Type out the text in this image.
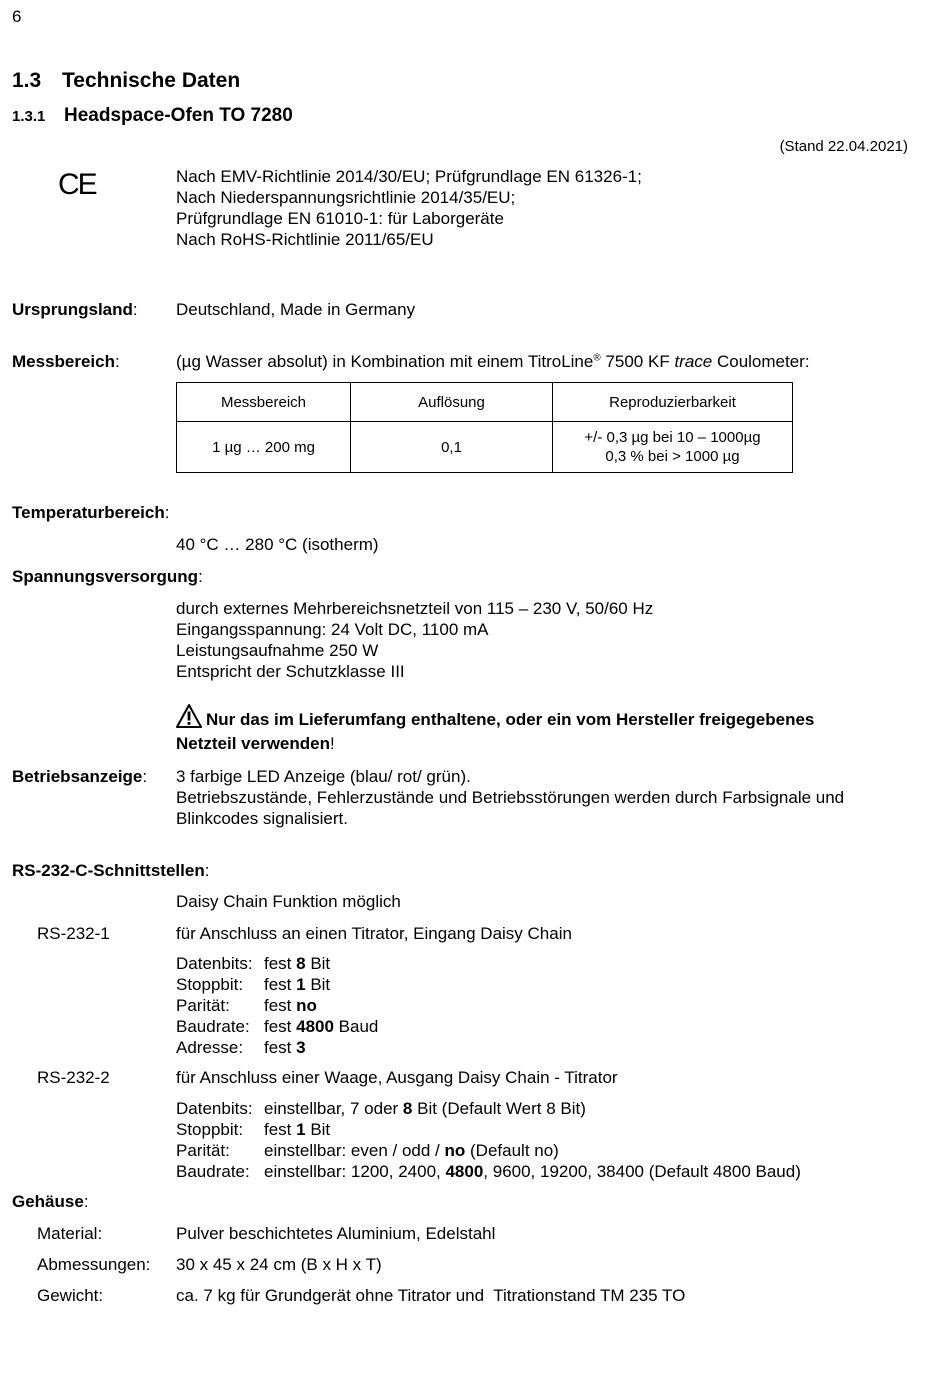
6
1.3 Technische Daten
1.3.1 Headspace-Ofen TO 7280
(Stand 22.04.2021)
CE	Nach EMV-Richtlinie 2014/30/EU; Prüfgrundlage EN 61326-1;
Nach Niederspannungsrichtlinie 2014/35/EU;
Prüfgrundlage EN 61010-1: für Laborgeräte
Nach RoHS-Richtlinie 2011/65/EU
Ursprungsland: Deutschland, Made in Germany
Messbereich:	(µg Wasser absolut) in Kombination mit einem TitroLine® 7500 KF trace Coulometer:
Messbereich	Auflösung	Reproduzierbarkeit
1 µg … 200 mg	0,1	+/- 0,3 µg bei 10 – 1000µg
0,3 % bei > 1000 µg
Temperaturbereich:
40 °C … 280 °C (isotherm)
Spannungsversorgung:
durch externes Mehrbereichsnetzteil von 115 – 230 V, 50/60 Hz
Eingangsspannung: 24 Volt DC, 1100 mA
Leistungsaufnahme 250 W
Entspricht der Schutzklasse III
Nur das im Lieferumfang enthaltene, oder ein vom Hersteller freigegebenes
Netzteil verwenden!
Betriebsanzeige: 3 farbige LED Anzeige (blau/ rot/ grün).
Betriebszustände, Fehlerzustände und Betriebsstörungen werden durch Farbsignale und
Blinkcodes signalisiert.
RS-232-C-Schnittstellen:
Daisy Chain Funktion möglich
RS-232-1	für Anschluss an einen Titrator, Eingang Daisy Chain
Datenbits: fest 8 Bit
Stoppbit:	fest 1 Bit
Parität:	fest no
Baudrate: fest 4800 Baud
Adresse:	fest 3
RS-232-2	für Anschluss einer Waage, Ausgang Daisy Chain - Titrator
Datenbits: einstellbar, 7 oder 8 Bit (Default Wert 8 Bit)
Stoppbit:	fest 1 Bit
Parität:	einstellbar: even / odd / no (Default no)
Baudrate: einstellbar: 1200, 2400, 4800, 9600, 19200, 38400 (Default 4800 Baud)
Gehäuse:
Material:	Pulver beschichtetes Aluminium, Edelstahl
Abmessungen: 30 x 45 x 24 cm (B x H x T)
Gewicht:	ca. 7 kg für Grundgerät ohne Titrator und  Titrationstand TM 235 TO
